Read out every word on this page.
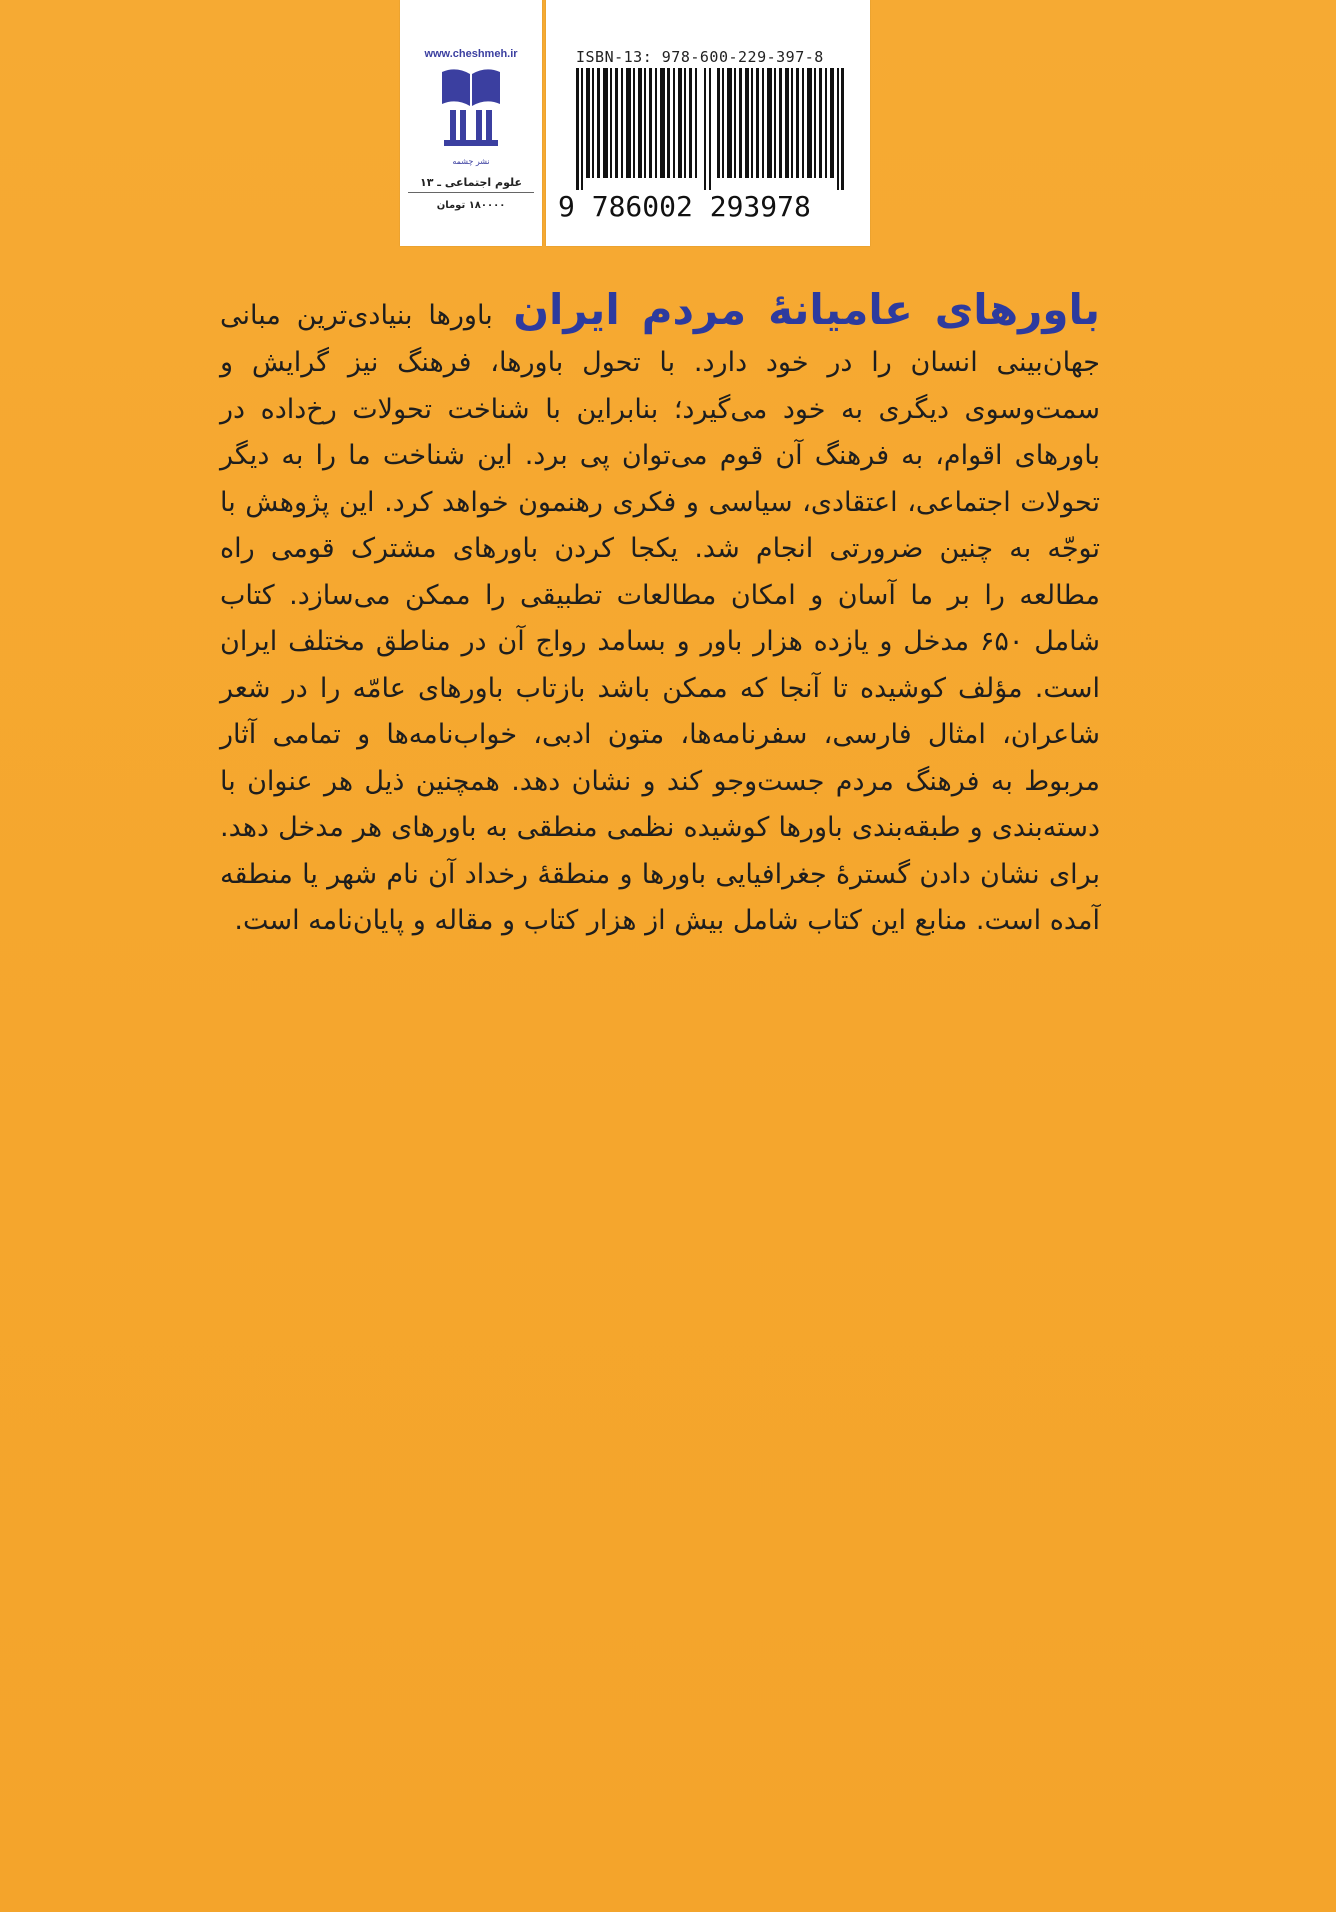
www.cheshmeh.ir
نشر چشمه
علوم اجتماعی ـ ۱۳
۱۸۰۰۰۰ تومان
ISBN-13: 978-600-229-397-8
9 786002 293978
باورهای عامیانهٔ مردم ایران باورها بنیادی‌ترین مبانی جهان‌بینی انسان را در خود دارد. با تحول باورها، فرهنگ نیز گرایش و سمت‌وسوی دیگری به خود می‌گیرد؛ بنابراین با شناخت تحولات رخ‌داده در باورهای اقوام، به فرهنگ آن قوم می‌توان پی برد. این شناخت ما را به دیگر تحولات اجتماعی، اعتقادی، سیاسی و فکری رهنمون خواهد کرد. این پژوهش با توجّه به چنین ضرورتی انجام شد. یکجا کردن باورهای مشترک قومی راه مطالعه را بر ما آسان و امکان مطالعات تطبیقی را ممکن می‌سازد. کتاب شامل ۶۵۰ مدخل و یازده هزار باور و بسامد رواج آن در مناطق مختلف ایران است. مؤلف کوشیده تا آنجا که ممکن باشد بازتاب باورهای عامّه را در شعر شاعران، امثال فارسی، سفرنامه‌ها، متون ادبی، خواب‌نامه‌ها و تمامی آثار مربوط به فرهنگ مردم جست‌وجو کند و نشان دهد. همچنین ذیل هر عنوان با دسته‌بندی و طبقه‌بندی باورها کوشیده نظمی منطقی به باورهای هر مدخل دهد. برای نشان دادن گسترهٔ جغرافیایی باورها و منطقهٔ رخداد آن نام شهر یا منطقه آمده است. منابع این کتاب شامل بیش از هزار کتاب و مقاله و پایان‌نامه است.
